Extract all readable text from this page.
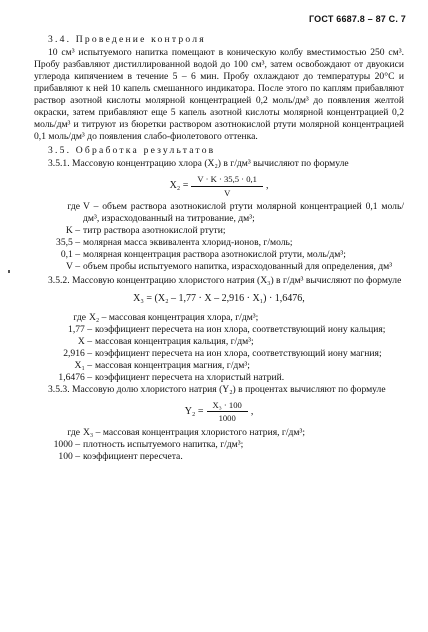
ГОСТ 6687.8 – 87 С. 7

3.4. Проведение контроля

10 см³ испытуемого напитка помещают в коническую колбу вместимостью 250 см³. Пробу разбавляют дистиллированной водой до 100 см³, затем освобождают от двуокиси углерода кипячением в течение 5 – 6 мин. Пробу охлаждают до температуры 20°С и прибавляют к ней 10 капель смешанного индикатора. После этого по каплям прибавляют раствор азотной кислоты молярной концентрацией 0,2 моль/дм³ до появления желтой окраски, затем прибавляют еще 5 капель азотной кислоты молярной концентрацией 0,2 моль/дм³ и титруют из бюретки раствором азотнокислой ртути молярной концентрацией 0,1 моль/дм³ до появления слабо-фиолетового оттенка.

3.5. Обработка результатов

3.5.1. Массовую концентрацию хлора (X₂) в г/дм³ вычисляют по формуле

$X_2 = \frac{V \cdot K \cdot 35,5 \cdot 0,1}{V}$ ,
где V – объем раствора азотнокислой ртути молярной концентрацией 0,1 моль/дм³, израсходованный на титрование, дм³;
K – титр раствора азотнокислой ртути;
35,5 – молярная масса эквивалента хлорид-ионов, г/моль;
0,1 – молярная концентрация раствора азотнокислой ртути, моль/дм³;
V – объем пробы испытуемого напитка, израсходованный для определения, дм³

3.5.2. Массовую концентрацию хлористого натрия (X₃) в г/дм³ вычисляют по формуле

X₃ = (X₂ – 1,77 · X – 2,916 · X₁) · 1,6476,
где X₂ – массовая концентрация хлора, г/дм³;
1,77 – коэффициент пересчета на ион хлора, соответствующий иону кальция;
X – массовая концентрация кальция, г/дм³;
2,916 – коэффициент пересчета на ион хлора, соответствующий иону магния;
X₁ – массовая концентрация магния, г/дм³;
1,6476 – коэффициент пересчета на хлористый натрий.

3.5.3. Массовую долю хлористого натрия (Y₂) в процентах вычисляют по формуле

$Y_2 = \frac{\text{X₃ · 100}}{1000}$ ,
где X₃ – массовая концентрация хлористого натрия, г/дм³;
1000 – плотность испытуемого напитка, г/дм³;
100 – коэффициент пересчета.
